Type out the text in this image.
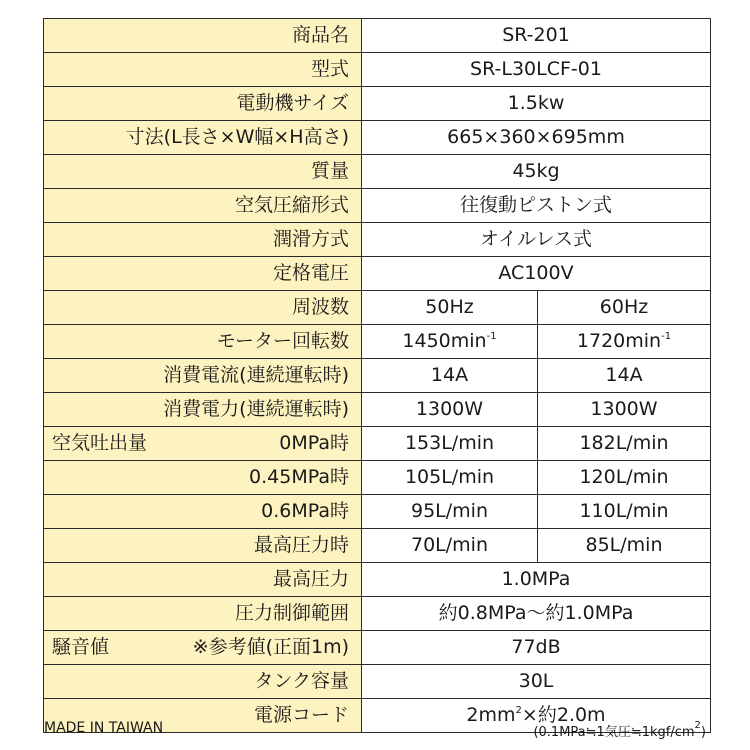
商品名	SR-201	
型式	SR-L30LCF-01	
電動機サイズ	1.5kw	
寸法(L長さ×W幅×H高さ)	665×360×695mm	
質量	45kg	
空気圧縮形式	往復動ピストン式	
潤滑方式	オイルレス式	
定格電圧	AC100V	
周波数	50Hz	60Hz
モーター回転数	$1450\min^{-1}$	$1720\min^{-1}$
消費電流(連続運転時)	14A	14A
消費電力(連続運転時)	1300W	1300W

空気吐出量 0MPa時	153L/min	182L/min
0.45MPa時	105L/min	120L/min
0.6MPa時	95L/min	110L/min
最高圧力時	70L/min	85L/min
最高圧力	1.0MPa	
圧力制御範囲	約0.8MPa～約1.0MPa	

騒音値 ※参考値(正面1m)	77dB	
タンク容量	30L	
電源コード	$2mm^2\times$約2.0m	
MADE IN TAIWAN	(0.1MPa≒1気圧$≒1kgf/cm^2$)
